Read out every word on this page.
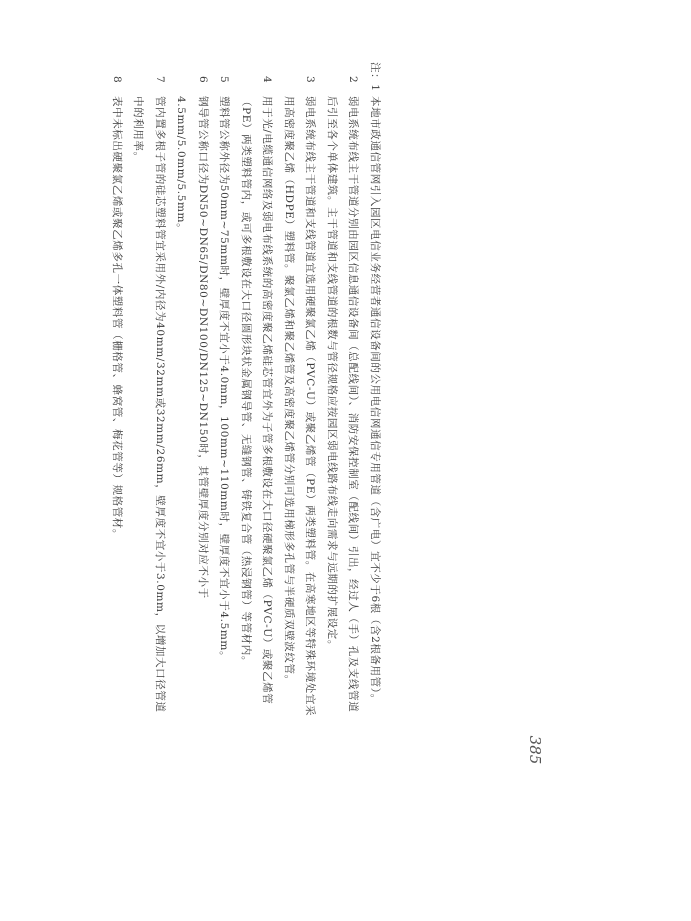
注：1
本地市政通信管网引入园区电信业务经营者通信设备间的公用电信网通信专用管道（含广电）宜不少于6根（含2根备用管）。
2
弱电系统布线主干管道分别由园区信息通信设备间（总配线间）、消防安保控制室（配线间）引出，经过人（手）孔及支线管道后引至各个单体建筑。主干管道和支线管道的根数与管径规格应按园区弱电线路布线走向需求与远期的扩展设定。
3
弱电系统布线主干管道和支线管道宜选用硬聚氯乙烯（PVC-U）或聚乙烯管（PE）两类塑料管。在高寒地区等特殊环境处宜采用高密度聚乙烯（HDPE）塑料管。聚氯乙烯和聚乙烯管及高密度聚乙烯管分别可选用梯形多孔管与半硬质双壁波纹管。
4
用于光/电缆通信网络及弱电布线系统的高密度聚乙烯硅芯管宜外为子管多根敷设在大口径硬聚氯乙烯（PVC-U）或聚乙烯管（PE）两类塑料管内，或可多根敷设在大口径圆形块状金属钢导管、无缝钢管、铸铁复合管（热浸钢管）等管材内。
5
塑料管公称外径为50mm~75mm时，壁厚度不宜小于4.0mm，100mm~110mm时，壁厚度不宜小于4.5mm。
6
钢导管公称口径为DN50~DN65/DN80~DN100/DN125~DN150时，其管壁厚度分别对应不小于4.5mm/5.0mm/5.5mm。
7
管内置多根子管的硅芯塑料管宜采用外/内径为40mm/32mm或32mm/26mm，壁厚度不宜小于3.0mm，以增加大口径管道中的利用率。
8
表中未标出硬聚氯乙烯或聚乙烯多孔一体塑料管（栅格管、蜂窝管、梅花管等）规格管材。
385
